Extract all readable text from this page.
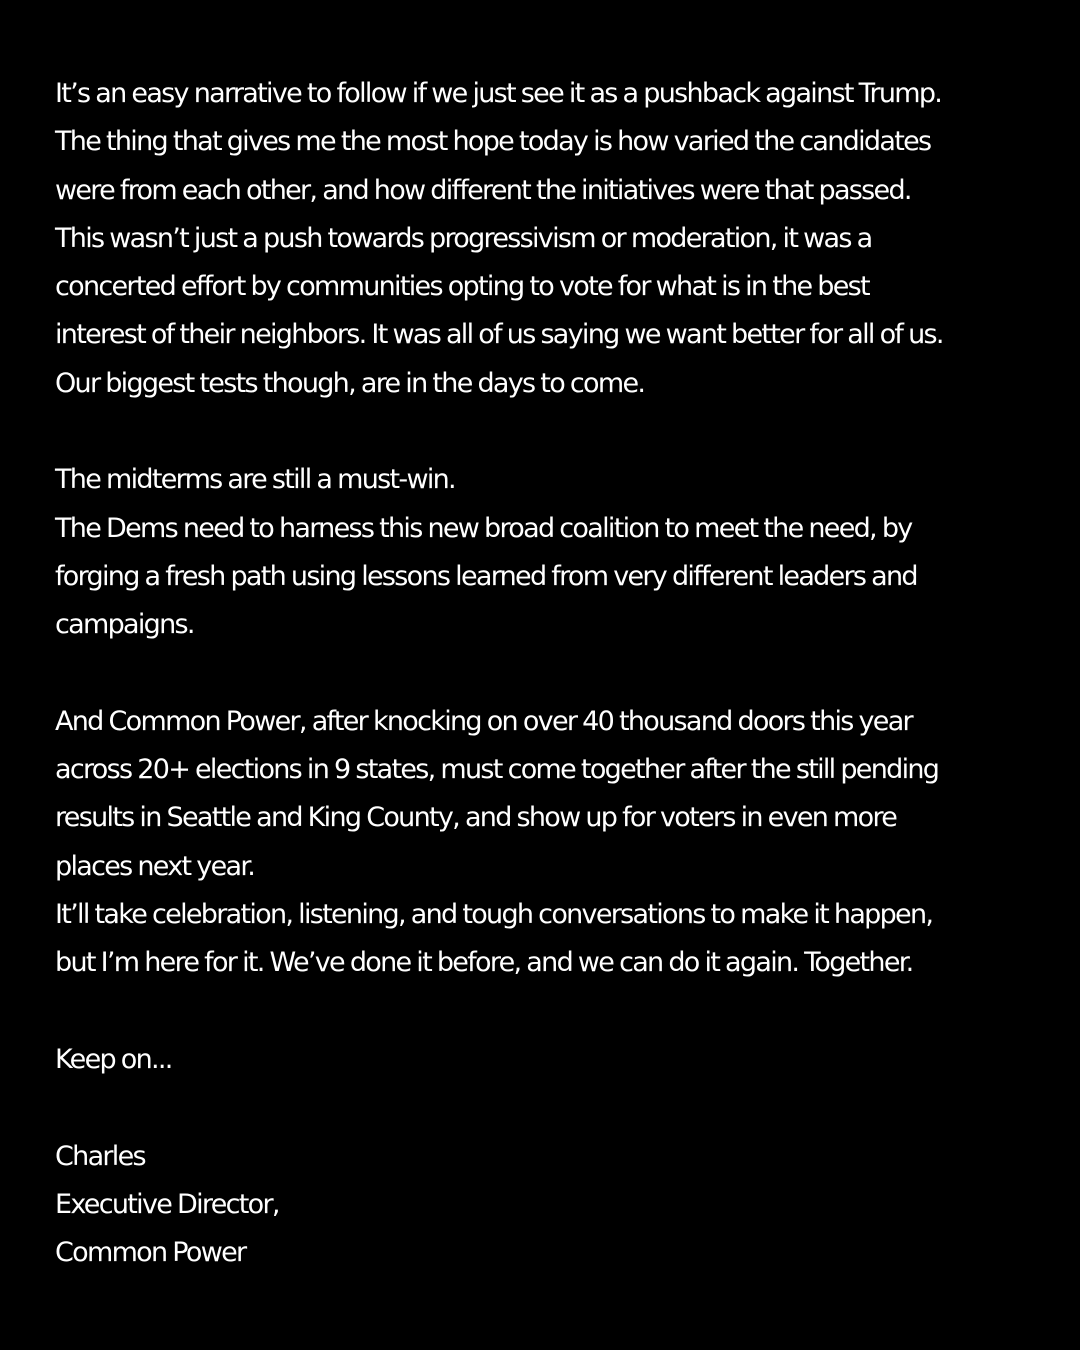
It’s an easy narrative to follow if we just see it as a pushback against Trump.
The thing that gives me the most hope today is how varied the candidates
were from each other, and how different the initiatives were that passed.
This wasn’t just a push towards progressivism or moderation, it was a
concerted effort by communities opting to vote for what is in the best
interest of their neighbors. It was all of us saying we want better for all of us.
Our biggest tests though, are in the days to come.
The midterms are still a must-win.
The Dems need to harness this new broad coalition to meet the need, by
forging a fresh path using lessons learned from very different leaders and
campaigns.
And Common Power, after knocking on over 40 thousand doors this year
across 20+ elections in 9 states, must come together after the still pending
results in Seattle and King County, and show up for voters in even more
places next year.
It’ll take celebration, listening, and tough conversations to make it happen,
but I’m here for it. We’ve done it before, and we can do it again. Together.
Keep on...
Charles
Executive Director,
Common Power
